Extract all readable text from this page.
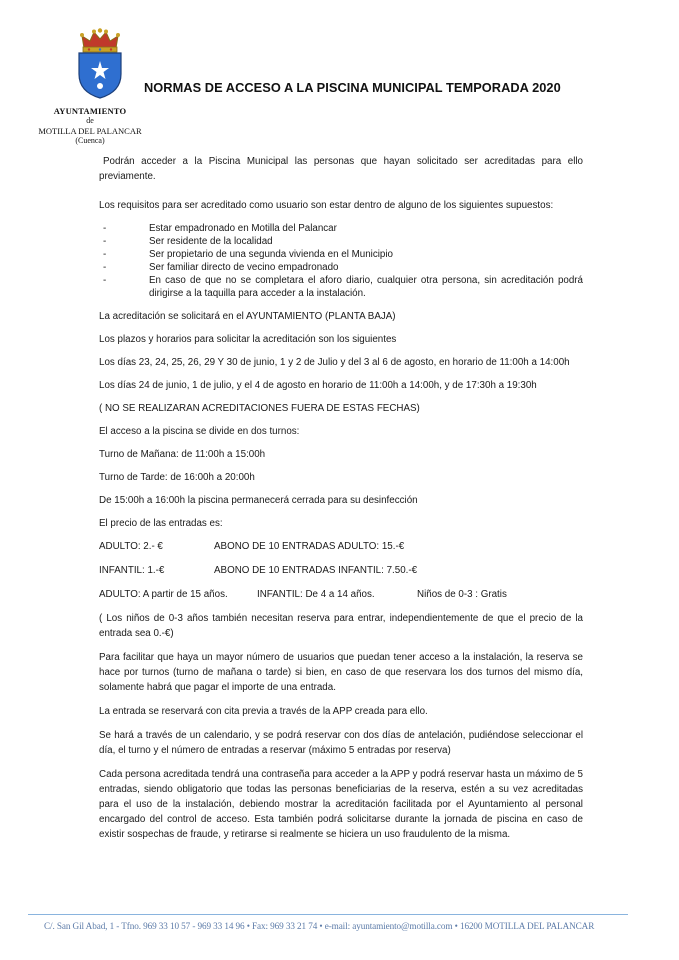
AYUNTAMIENTO
de
MOTILLA DEL PALANCAR
(Cuenca)
NORMAS DE ACCESO A LA PISCINA MUNICIPAL TEMPORADA 2020

Podrán acceder a la Piscina Municipal las personas que hayan solicitado ser acreditadas para ello previamente.

Los requisitos para ser acreditado como usuario son estar dentro de alguno de los siguientes supuestos:

- Estar empadronado en Motilla del Palancar
- Ser residente de la localidad
- Ser propietario de una segunda vivienda en el Municipio
- Ser familiar directo de vecino empadronado
- En caso de que no se completara el aforo diario, cualquier otra persona, sin acreditación podrá dirigirse a la taquilla para acceder a la instalación.

La acreditación se solicitará en el AYUNTAMIENTO (PLANTA BAJA)

Los plazos y horarios para solicitar la acreditación son los siguientes

Los días 23, 24, 25, 26, 29 Y 30 de junio, 1 y 2 de Julio y del 3 al 6 de agosto, en horario de 11:00h a 14:00h

Los días 24 de junio, 1 de julio, y el 4 de agosto en horario de 11:00h a 14:00h, y de 17:30h a 19:30h

( NO SE REALIZARAN ACREDITACIONES FUERA DE ESTAS FECHAS)

El acceso a la piscina se divide en dos turnos:

Turno de Mañana: de 11:00h a 15:00h

Turno de Tarde: de 16:00h a 20:00h

De 15:00h a 16:00h la piscina permanecerá cerrada para su desinfección

El precio de las entradas es:

ADULTO: 2.- €	ABONO DE 10 ENTRADAS ADULTO: 15.-€
INFANTIL: 1.-€	ABONO DE 10 ENTRADAS INFANTIL: 7.50.-€
ADULTO: A partir de 15 años.	INFANTIL: De 4 a 14 años.	Niños de 0-3 : Gratis

( Los niños de 0-3 años también necesitan reserva para entrar, independientemente de que el precio de la entrada sea 0.-€)

Para facilitar que haya un mayor número de usuarios que puedan tener acceso a la instalación, la reserva se hace por turnos (turno de mañana o tarde) si bien, en caso de que reservara los dos turnos del mismo día, solamente habrá que pagar el importe de una entrada.

La entrada se reservará con cita previa a través de la APP creada para ello.

Se hará a través de un calendario, y se podrá reservar con dos días de antelación, pudiéndose seleccionar el día, el turno y el número de entradas a reservar (máximo 5 entradas por reserva)

Cada persona acreditada tendrá una contraseña para acceder a la APP y podrá reservar hasta un máximo de 5 entradas, siendo obligatorio que todas las personas beneficiarias de la reserva, estén a su vez acreditadas para el uso de la instalación, debiendo mostrar la acreditación facilitada por el Ayuntamiento al personal encargado del control de acceso. Esta también podrá solicitarse durante la jornada de piscina en caso de existir sospechas de fraude, y retirarse si realmente se hiciera un uso fraudulento de la misma.

C/. San Gil Abad, 1 - Tfno. 969 33 10 57 - 969 33 14 96 • Fax: 969 33 21 74 • e-mail: ayuntamiento@motilla.com • 16200 MOTILLA DEL PALANCAR
